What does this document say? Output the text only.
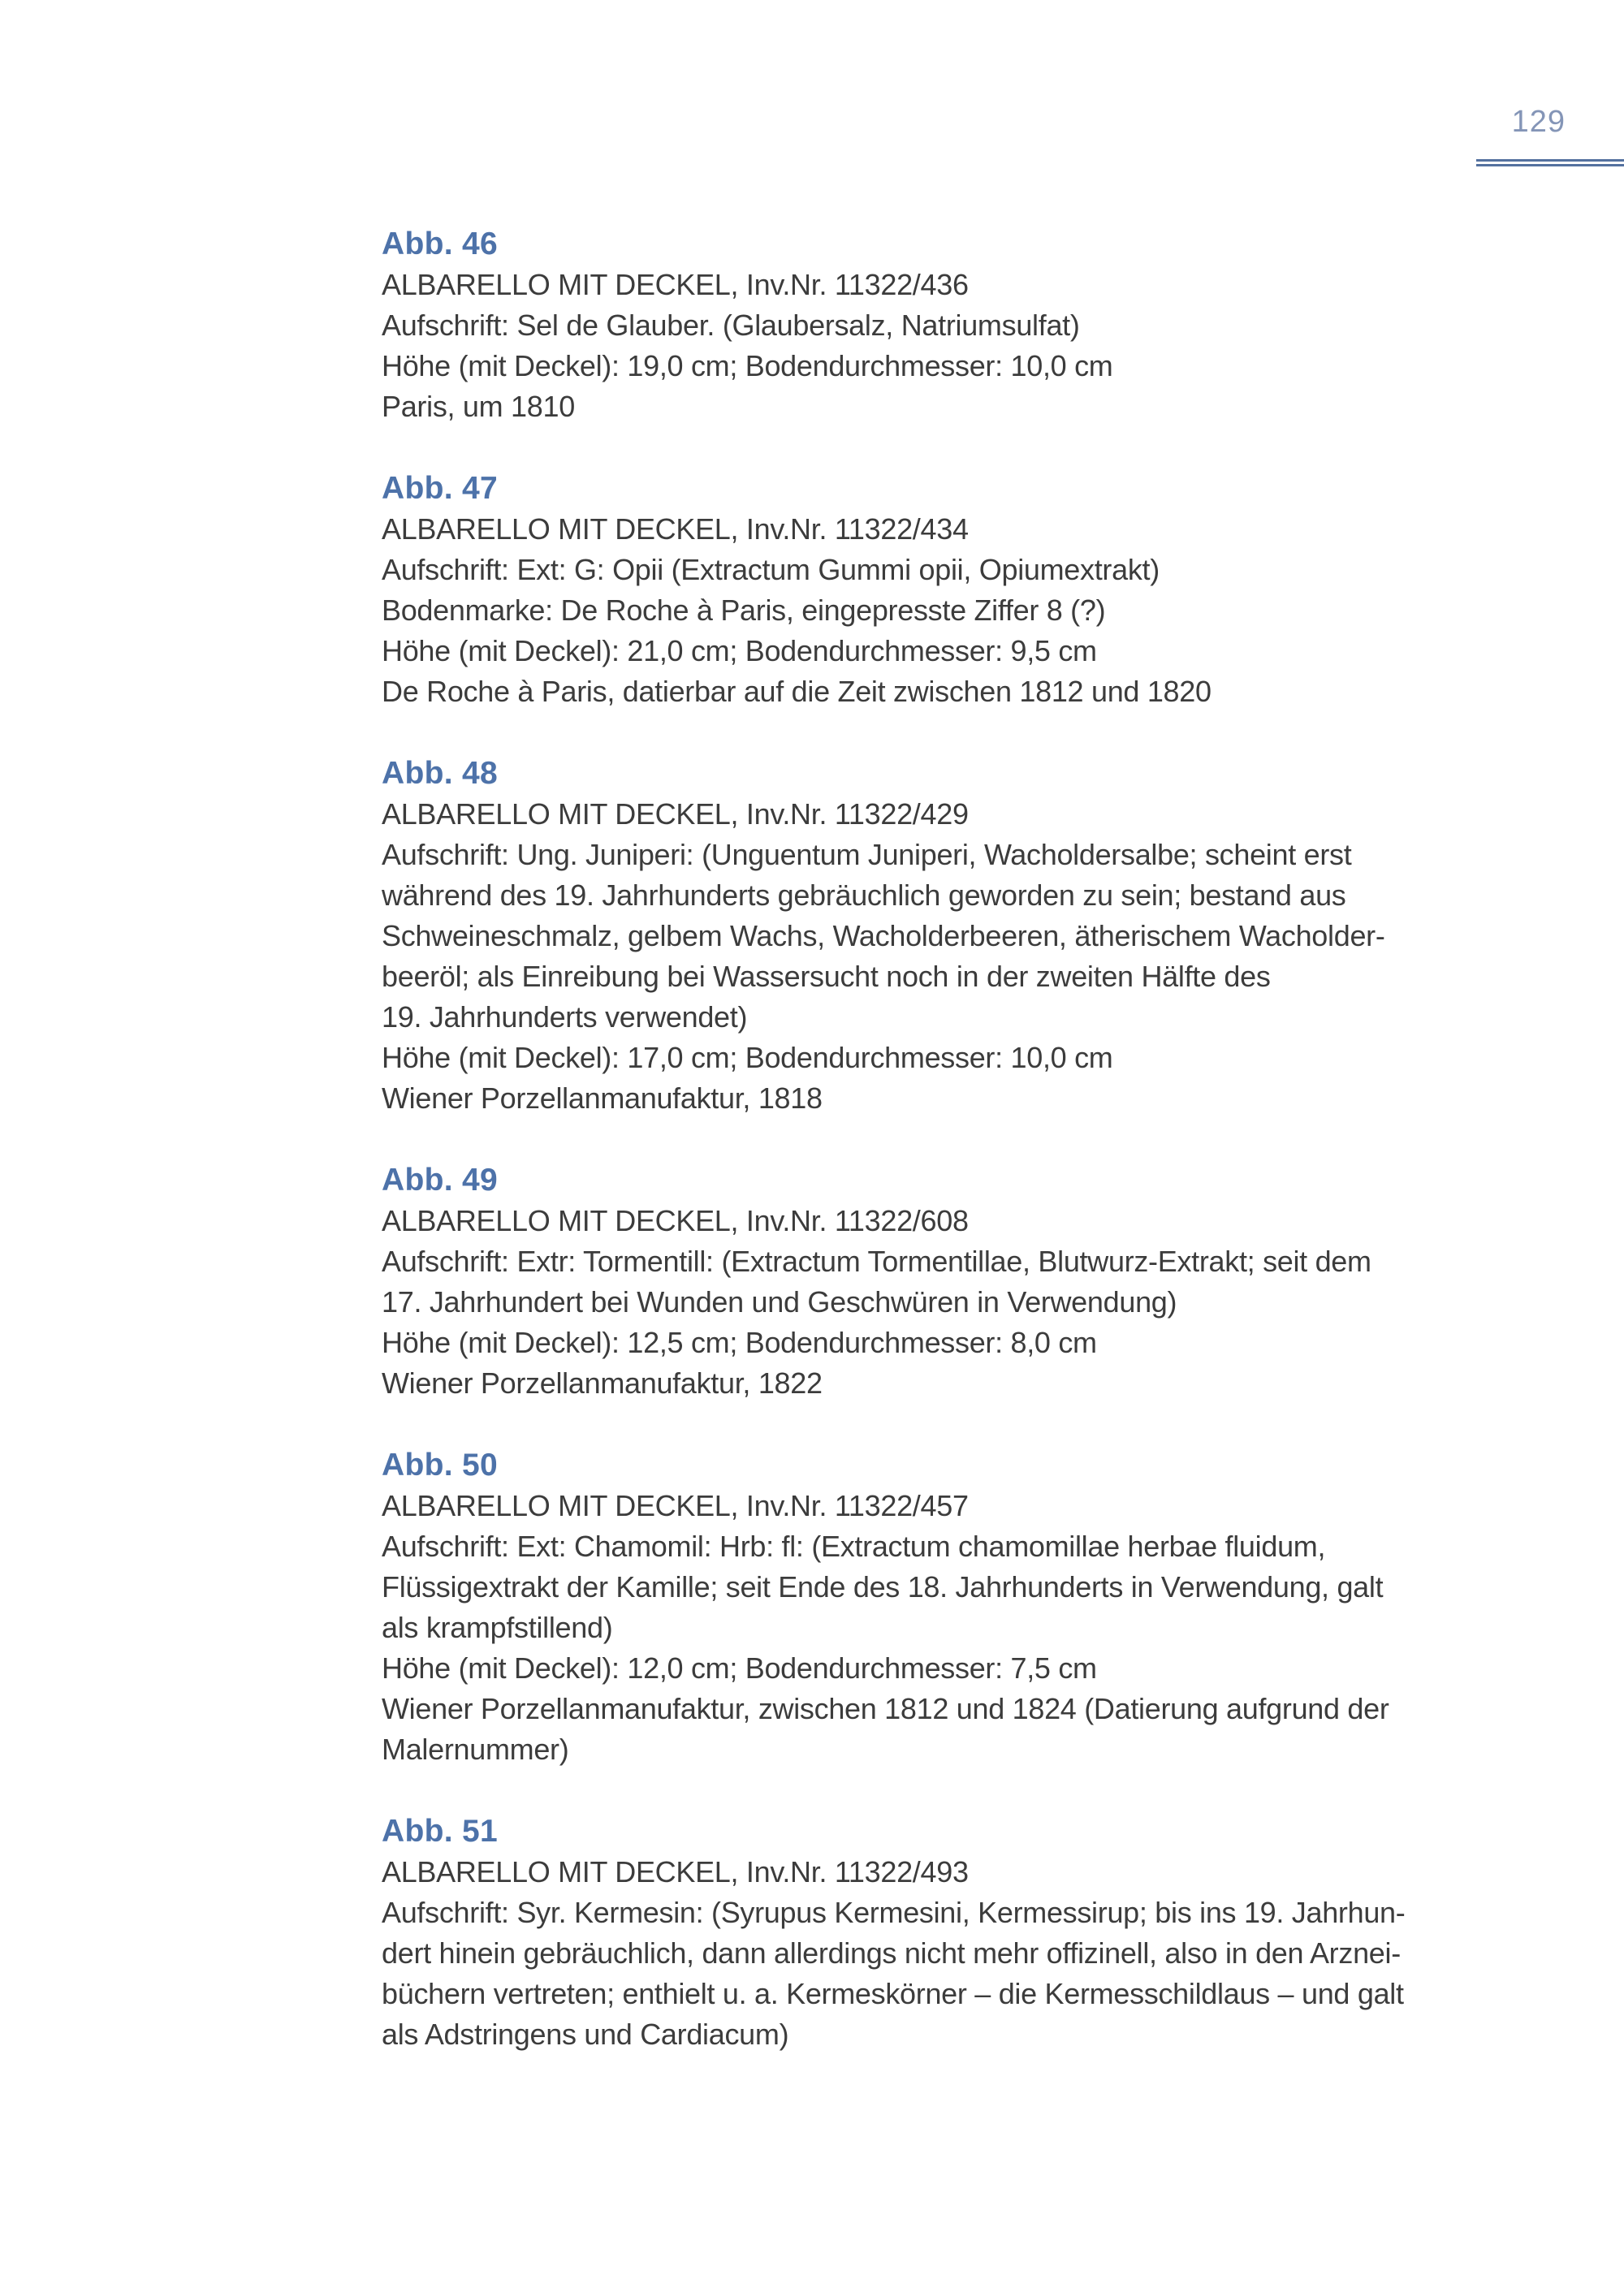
129
Abb. 46
ALBARELLO MIT DECKEL, Inv.Nr. 11322/436
Aufschrift: Sel de Glauber. (Glaubersalz, Natriumsulfat)
Höhe (mit Deckel): 19,0 cm; Bodendurchmesser: 10,0 cm
Paris, um 1810
Abb. 47
ALBARELLO MIT DECKEL, Inv.Nr. 11322/434
Aufschrift: Ext: G: Opii (Extractum Gummi opii, Opiumextrakt)
Bodenmarke: De Roche à Paris, eingepresste Ziffer 8 (?)
Höhe (mit Deckel): 21,0 cm; Bodendurchmesser: 9,5 cm
De Roche à Paris, datierbar auf die Zeit zwischen 1812 und 1820
Abb. 48
ALBARELLO MIT DECKEL, Inv.Nr. 11322/429
Aufschrift: Ung. Juniperi: (Unguentum Juniperi, Wacholdersalbe; scheint erst
während des 19. Jahrhunderts gebräuchlich geworden zu sein; bestand aus
Schweineschmalz, gelbem Wachs, Wacholderbeeren, ätherischem Wacholder-
beeröl; als Einreibung bei Wassersucht noch in der zweiten Hälfte des
19. Jahrhunderts verwendet)
Höhe (mit Deckel): 17,0 cm; Bodendurchmesser: 10,0 cm
Wiener Porzellanmanufaktur, 1818
Abb. 49
ALBARELLO MIT DECKEL, Inv.Nr. 11322/608
Aufschrift: Extr: Tormentill: (Extractum Tormentillae, Blutwurz-Extrakt; seit dem
17. Jahrhundert bei Wunden und Geschwüren in Verwendung)
Höhe (mit Deckel): 12,5 cm; Bodendurchmesser: 8,0 cm
Wiener Porzellanmanufaktur, 1822
Abb. 50
ALBARELLO MIT DECKEL, Inv.Nr. 11322/457
Aufschrift: Ext: Chamomil: Hrb: fl: (Extractum chamomillae herbae fluidum,
Flüssigextrakt der Kamille; seit Ende des 18. Jahrhunderts in Verwendung, galt
als krampfstillend)
Höhe (mit Deckel): 12,0 cm; Bodendurchmesser: 7,5 cm
Wiener Porzellanmanufaktur, zwischen 1812 und 1824 (Datierung aufgrund der
Malernummer)
Abb. 51
ALBARELLO MIT DECKEL, Inv.Nr. 11322/493
Aufschrift: Syr. Kermesin: (Syrupus Kermesini, Kermessirup; bis ins 19. Jahrhun-
dert hinein gebräuchlich, dann allerdings nicht mehr offizinell, also in den Arznei-
büchern vertreten; enthielt u. a. Kermeskörner – die Kermesschildlaus – und galt
als Adstringens und Cardiacum)
